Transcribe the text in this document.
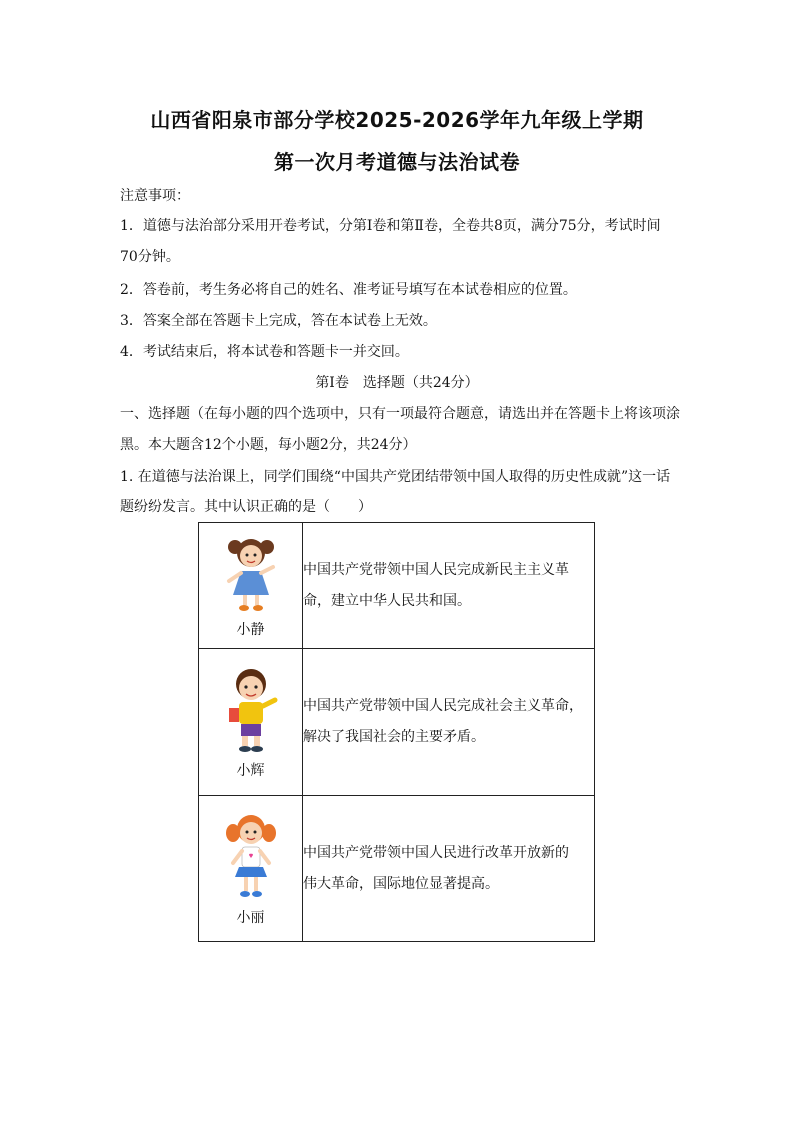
山西省阳泉市部分学校2025-2026学年九年级上学期
第一次月考道德与法治试卷
注意事项：
1．道德与法治部分采用开卷考试，分第Ⅰ卷和第Ⅱ卷，全卷共8页，满分75分，考试时间
70分钟。
2．答卷前，考生务必将自己的姓名、准考证号填写在本试卷相应的位置。
3．答案全部在答题卡上完成，答在本试卷上无效。
4．考试结束后，将本试卷和答题卡一并交回。
第Ⅰ卷　选择题（共24分）
一、选择题（在每小题的四个选项中，只有一项最符合题意，请选出并在答题卡上将该项涂
黑。本大题含12个小题，每小题2分，共24分）
1. 在道德与法治课上，同学们围绕“中国共产党团结带领中国人取得的历史性成就”这一话
题纷纷发言。其中认识正确的是（　　）
小静	中国共产党带领中国人民完成新民主主义革
命，建立中华人民共和国。

小辉	中国共产党带领中国人民完成社会主义革命，
解决了我国社会的主要矛盾。

小丽	中国共产党带领中国人民进行改革开放新的
伟大革命，国际地位显著提高。
